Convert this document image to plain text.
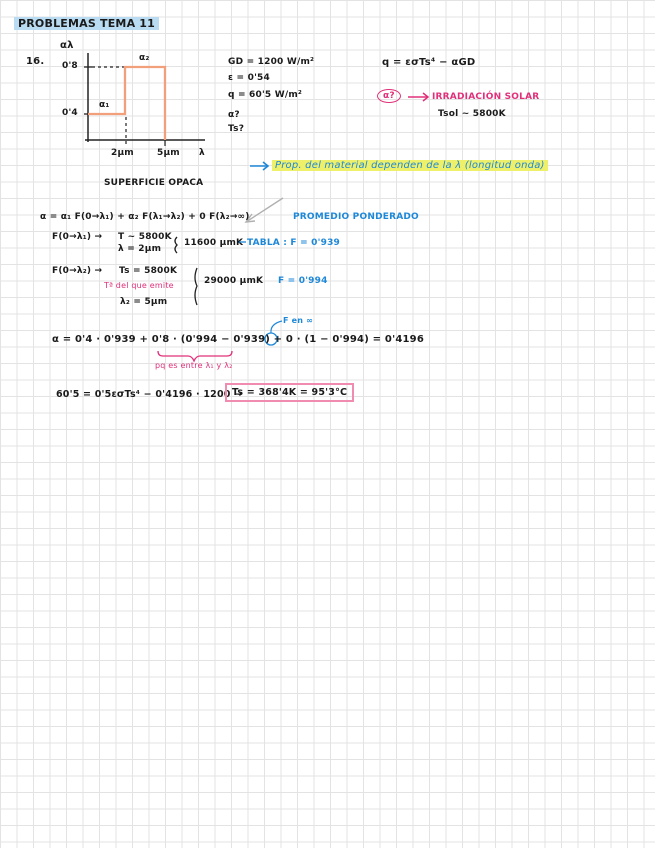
PROBLEMAS TEMA 11
16.
αλ
0'8
0'4
α₂
α₁
2μm	5μm λ
SUPERFICIE OPACA
GD = 1200 W/m²
ε = 0'54
q = 60'5 W/m²
α?
Ts?
q = εσTs⁴ − αGD
α?	IRRADIACIÓN SOLAR
Tsol ~ 5800K
Prop. del material dependen de la λ (longitud onda)
α = α₁ F(0→λ₁) + α₂ F(λ₁→λ₂) + 0 F(λ₂→∞)	PROMEDIO PONDERADO
F(0→λ₁) → T ~ 5800K
λ = 2μm
11600 μmK TABLA : F = 0'939
F(0→λ₂) → Ts = 5800K
Tª del que emite
λ₂ = 5μm
29000 μmK F = 0'994
F en ∞
α = 0'4 · 0'939 + 0'8 · (0'994 − 0'939) + 0 · (1 − 0'994) = 0'4196
pq es entre λ₁ y λ₂
60'5 = 0'5εσTs⁴ − 0'4196 · 1200 →
Ts = 368'4K = 95'3°C
